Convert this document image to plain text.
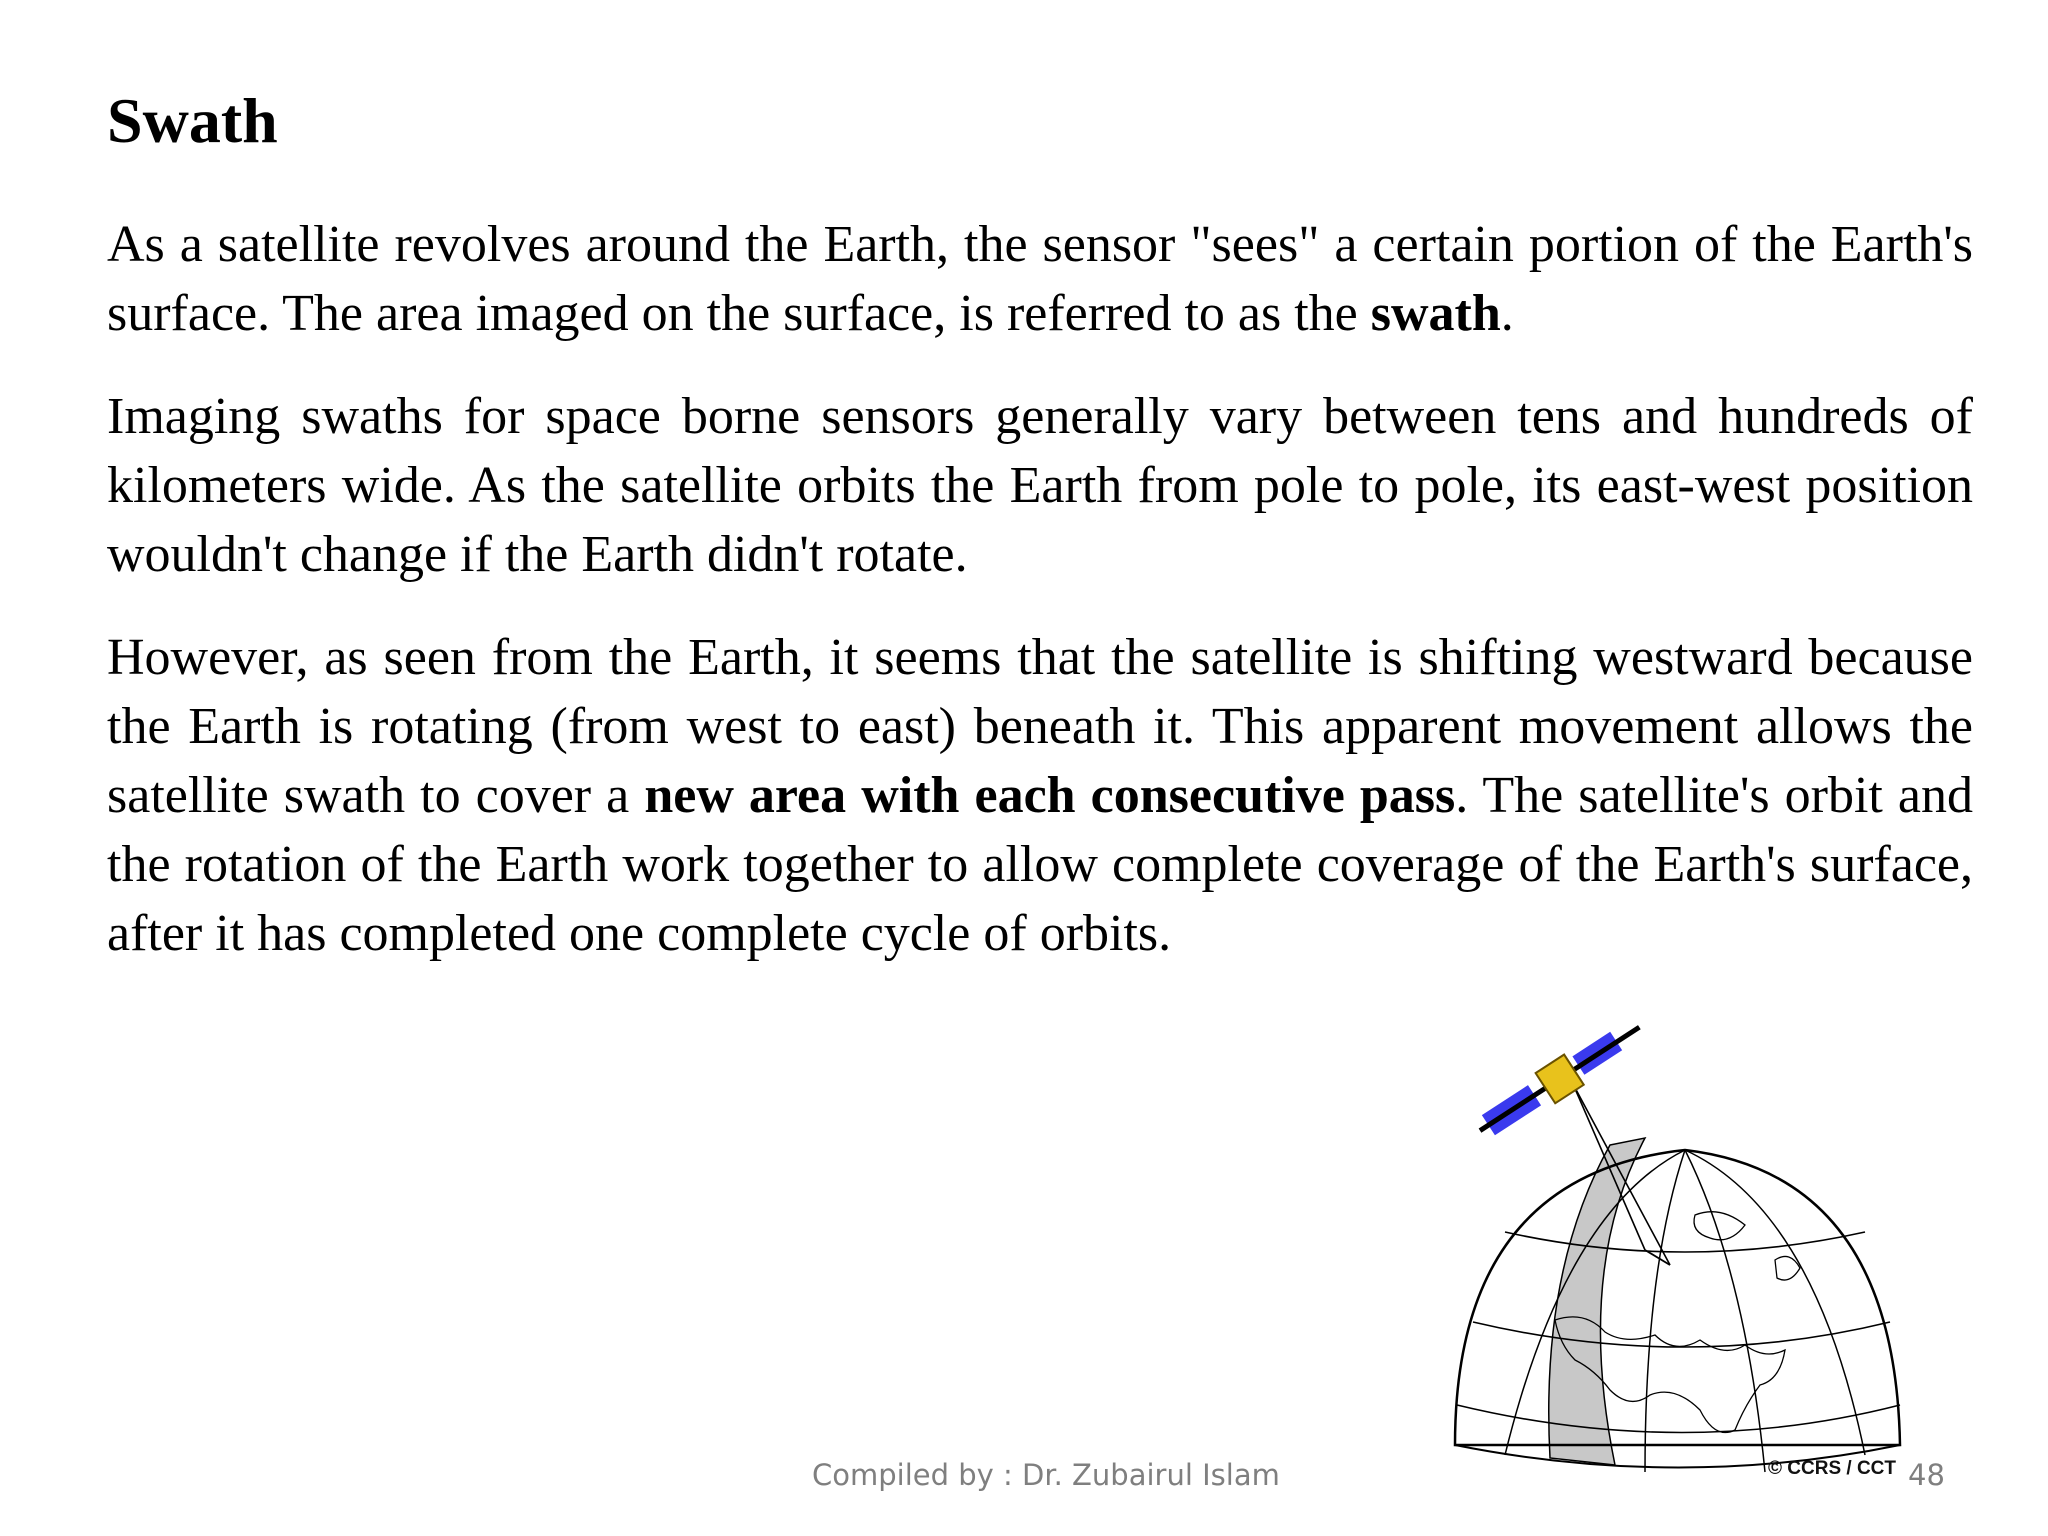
Swath

As a satellite revolves around the Earth, the sensor "sees" a certain portion of the Earth's surface. The area imaged on the surface, is referred to as the swath.

Imaging swaths for space borne sensors generally vary between tens and hundreds of kilometers wide. As the satellite orbits the Earth from pole to pole, its east-west position wouldn't change if the Earth didn't rotate.

However, as seen from the Earth, it seems that the satellite is shifting westward because the Earth is rotating (from west to east) beneath it. This apparent movement allows the satellite swath to cover a new area with each consecutive pass. The satellite's orbit and the rotation of the Earth work together to allow complete coverage of the Earth's surface, after it has completed one complete cycle of orbits.

© CCRS / CCT
Compiled by : Dr. Zubairul Islam	48
